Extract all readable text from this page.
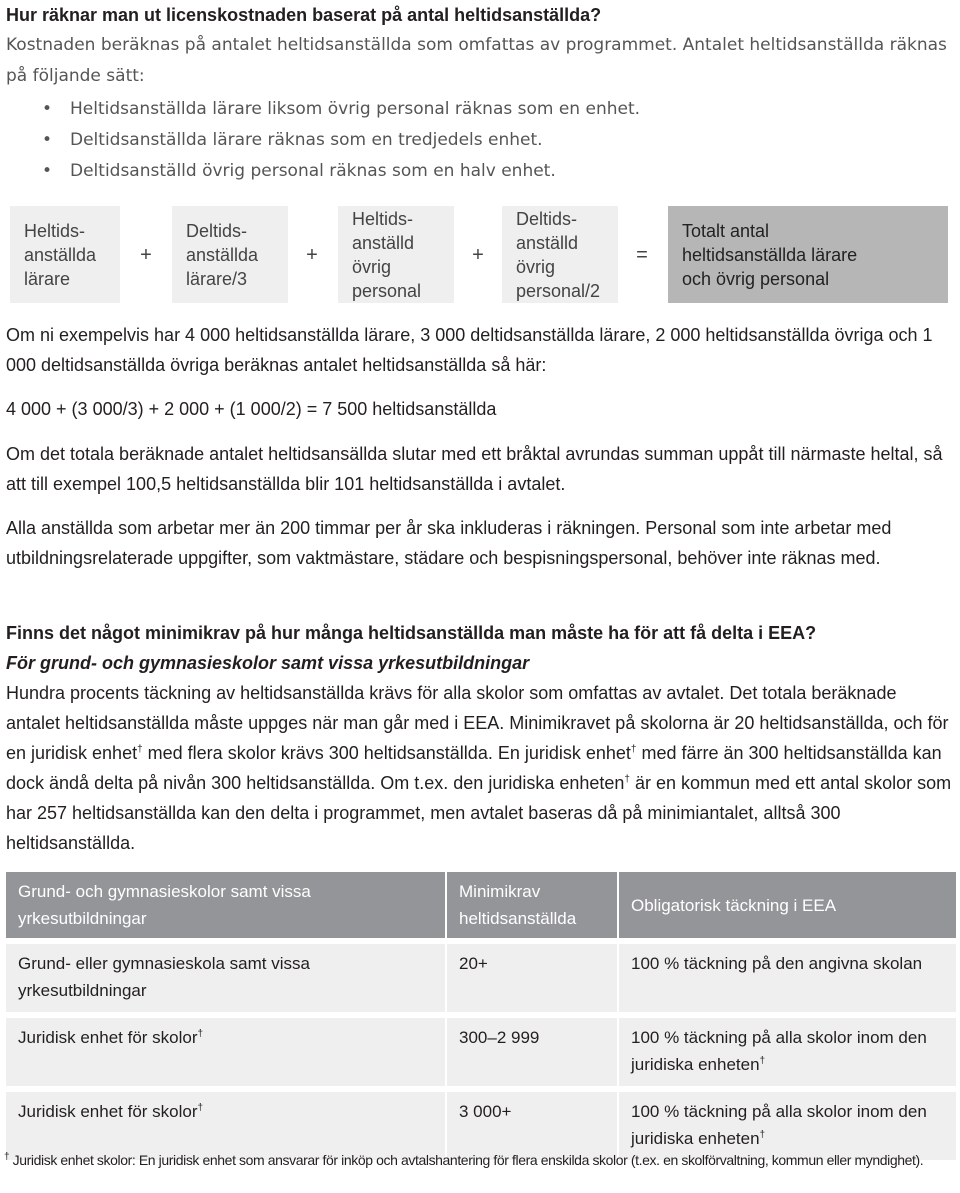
Hur räknar man ut licenskostnaden baserat på antal heltidsanställda?
Kostnaden beräknas på antalet heltidsanställda som omfattas av programmet. Antalet heltidsanställda räknas på följande sätt:
• Heltidsanställda lärare liksom övrig personal räknas som en enhet.
• Deltidsanställda lärare räknas som en tredjedels enhet.
• Deltidsanställd övrig personal räknas som en halv enhet.
Heltids-
anställda
lärare
+
Deltids-
anställda
lärare/3
+
Heltids-
anställd
övrig
personal
+
Deltids-
anställd
övrig
personal/2
=
Totalt antal
heltidsanställda lärare
och övrig personal
Om ni exempelvis har 4 000 heltidsanställda lärare, 3 000 deltidsanställda lärare, 2 000 heltidsanställda övriga och 1 000 deltidsanställda övriga beräknas antalet heltidsanställda så här:
4 000 + (3 000/3) + 2 000 + (1 000/2) = 7 500 heltidsanställda
Om det totala beräknade antalet heltidsansällda slutar med ett bråktal avrundas summan uppåt till närmaste heltal, så att till exempel 100,5 heltidsanställda blir 101 heltidsanställda i avtalet.
Alla anställda som arbetar mer än 200 timmar per år ska inkluderas i räkningen. Personal som inte arbetar med utbildningsrelaterade uppgifter, som vaktmästare, städare och bespisningspersonal, behöver inte räknas med.
Finns det något minimikrav på hur många heltidsanställda man måste ha för att få delta i EEA?
För grund- och gymnasieskolor samt vissa yrkesutbildningar
Hundra procents täckning av heltidsanställda krävs för alla skolor som omfattas av avtalet. Det totala beräknade antalet heltidsanställda måste uppges när man går med i EEA. Minimikravet på skolorna är 20 heltidsanställda, och för en juridisk enhet† med flera skolor krävs 300 heltidsanställda. En juridisk enhet† med färre än 300 heltidsanställda kan dock ändå delta på nivån 300 heltidsanställda. Om t.ex. den juridiska enheten† är en kommun med ett antal skolor som har 257 heltidsanställda kan den delta i programmet, men avtalet baseras då på minimiantalet, alltså 300 heltidsanställda.
Grund- och gymnasieskolor samt vissa yrkesutbildningar	Minimikrav heltidsanställda	Obligatorisk täckning i EEA
Grund- eller gymnasieskola samt vissa yrkesutbildningar	20+	100 % täckning på den angivna skolan
Juridisk enhet för skolor†	300–2 999	100 % täckning på alla skolor inom den juridiska enheten†
Juridisk enhet för skolor†	3 000+	100 % täckning på alla skolor inom den juridiska enheten†
† Juridisk enhet skolor: En juridisk enhet som ansvarar för inköp och avtalshantering för flera enskilda skolor (t.ex. en skolförvaltning, kommun eller myndighet).
